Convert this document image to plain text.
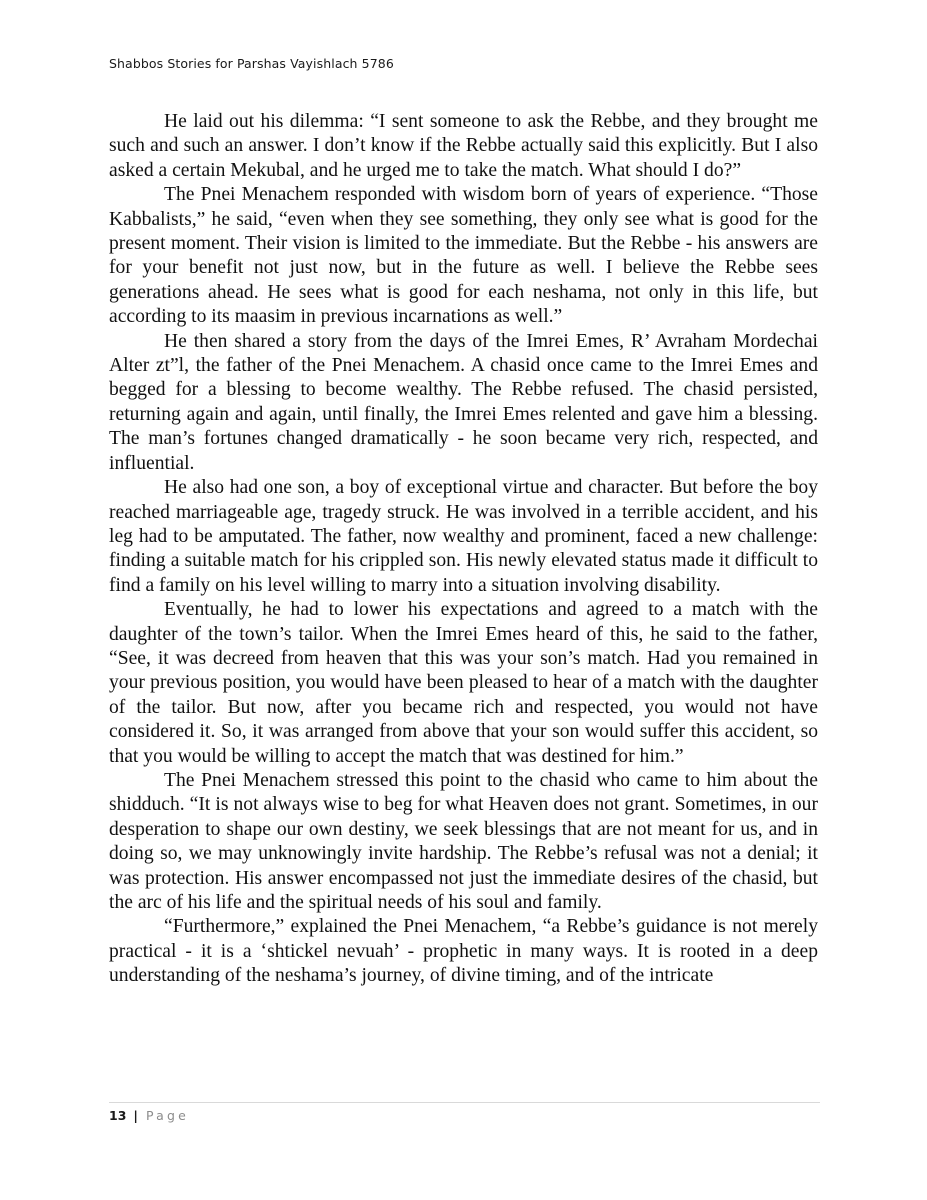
Shabbos Stories for Parshas Vayishlach 5786

He laid out his dilemma: “I sent someone to ask the Rebbe, and they brought me such and such an answer. I don’t know if the Rebbe actually said this explicitly. But I also asked a certain Mekubal, and he urged me to take the match. What should I do?”

The Pnei Menachem responded with wisdom born of years of experience. “Those Kabbalists,” he said, “even when they see something, they only see what is good for the present moment. Their vision is limited to the immediate. But the Rebbe - his answers are for your benefit not just now, but in the future as well. I believe the Rebbe sees generations ahead. He sees what is good for each neshama, not only in this life, but according to its maasim in previous incarnations as well.”

He then shared a story from the days of the Imrei Emes, R’ Avraham Mordechai Alter zt”l, the father of the Pnei Menachem. A chasid once came to the Imrei Emes and begged for a blessing to become wealthy. The Rebbe refused. The chasid persisted, returning again and again, until finally, the Imrei Emes relented and gave him a blessing. The man’s fortunes changed dramatically - he soon became very rich, respected, and influential.

He also had one son, a boy of exceptional virtue and character. But before the boy reached marriageable age, tragedy struck. He was involved in a terrible accident, and his leg had to be amputated. The father, now wealthy and prominent, faced a new challenge: finding a suitable match for his crippled son. His newly elevated status made it difficult to find a family on his level willing to marry into a situation involving disability.

Eventually, he had to lower his expectations and agreed to a match with the daughter of the town’s tailor. When the Imrei Emes heard of this, he said to the father, “See, it was decreed from heaven that this was your son’s match. Had you remained in your previous position, you would have been pleased to hear of a match with the daughter of the tailor. But now, after you became rich and respected, you would not have considered it. So, it was arranged from above that your son would suffer this accident, so that you would be willing to accept the match that was destined for him.”

The Pnei Menachem stressed this point to the chasid who came to him about the shidduch. “It is not always wise to beg for what Heaven does not grant. Sometimes, in our desperation to shape our own destiny, we seek blessings that are not meant for us, and in doing so, we may unknowingly invite hardship. The Rebbe’s refusal was not a denial; it was protection. His answer encompassed not just the immediate desires of the chasid, but the arc of his life and the spiritual needs of his soul and family.

“Furthermore,” explained the Pnei Menachem, “a Rebbe’s guidance is not merely practical - it is a ‘shtickel nevuah’ - prophetic in many ways. It is rooted in a deep understanding of the neshama’s journey, of divine timing, and of the intricate

13 | Page
